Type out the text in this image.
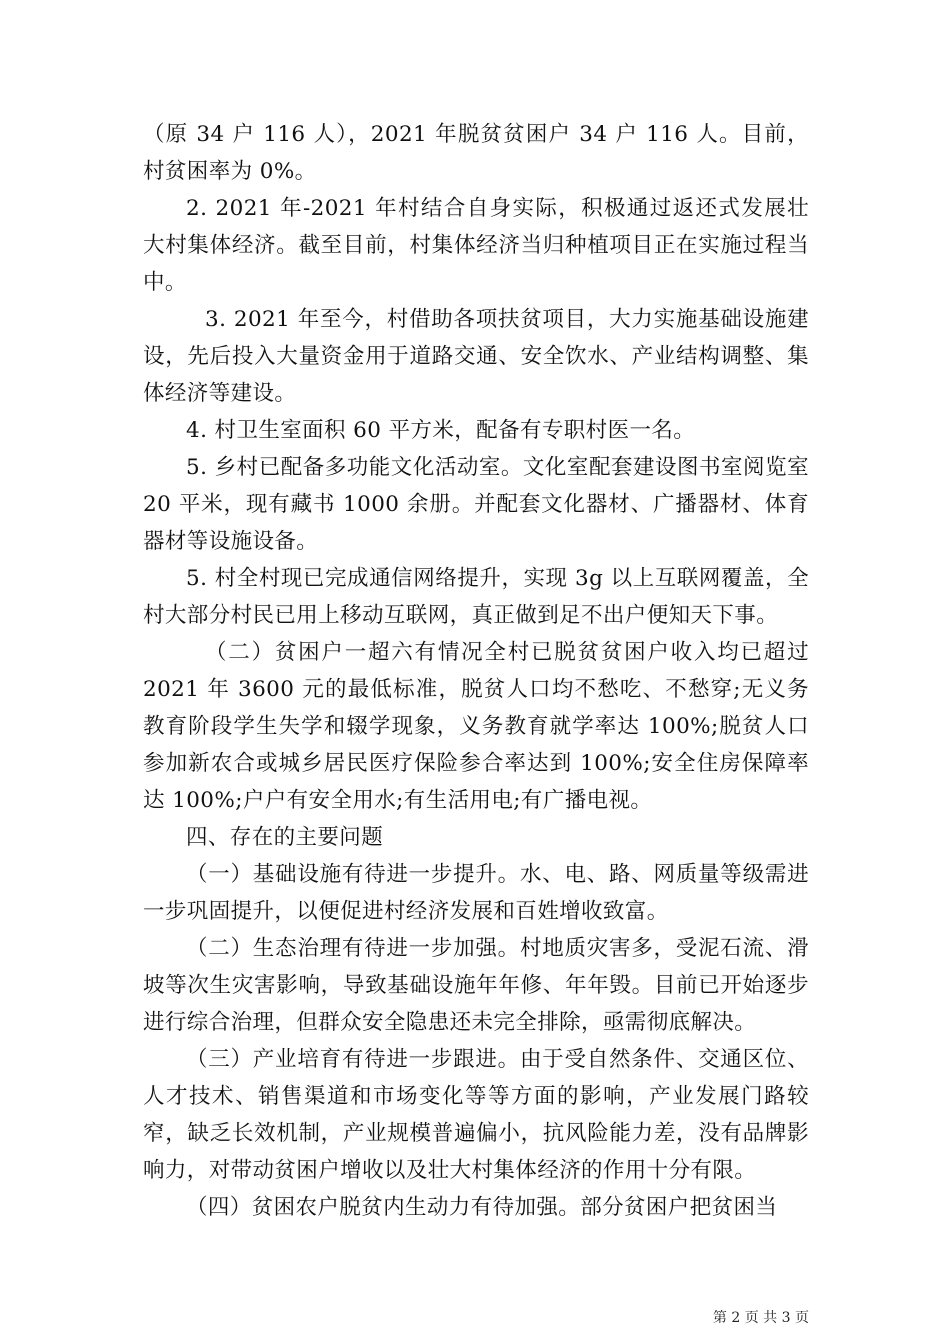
（原 34 户 116 人），2021 年脱贫贫困户 34 户 116 人。目前，村贫困率为 0%。

2. 2021 年-2021 年村结合自身实际，积极通过返还式发展壮大村集体经济。截至目前，村集体经济当归种植项目正在实施过程当中。

3. 2021 年至今，村借助各项扶贫项目，大力实施基础设施建设，先后投入大量资金用于道路交通、安全饮水、产业结构调整、集体经济等建设。

4. 村卫生室面积 60 平方米，配备有专职村医一名。

5. 乡村已配备多功能文化活动室。文化室配套建设图书室阅览室 20 平米，现有藏书 1000 余册。并配套文化器材、广播器材、体育器材等设施设备。

5. 村全村现已完成通信网络提升，实现 3g 以上互联网覆盖，全村大部分村民已用上移动互联网，真正做到足不出户便知天下事。

（二）贫困户一超六有情况全村已脱贫贫困户收入均已超过 2021 年 3600 元的最低标准，脱贫人口均不愁吃、不愁穿;无义务教育阶段学生失学和辍学现象，义务教育就学率达 100%;脱贫人口参加新农合或城乡居民医疗保险参合率达到 100%;安全住房保障率达 100%;户户有安全用水;有生活用电;有广播电视。

四、存在的主要问题

（一）基础设施有待进一步提升。水、电、路、网质量等级需进一步巩固提升，以便促进村经济发展和百姓增收致富。

（二）生态治理有待进一步加强。村地质灾害多，受泥石流、滑坡等次生灾害影响，导致基础设施年年修、年年毁。目前已开始逐步进行综合治理，但群众安全隐患还未完全排除，亟需彻底解决。

（三）产业培育有待进一步跟进。由于受自然条件、交通区位、人才技术、销售渠道和市场变化等等方面的影响，产业发展门路较窄，缺乏长效机制，产业规模普遍偏小，抗风险能力差，没有品牌影响力，对带动贫困户增收以及壮大村集体经济的作用十分有限。

（四）贫困农户脱贫内生动力有待加强。部分贫困户把贫困当

第 2 页 共 3 页
